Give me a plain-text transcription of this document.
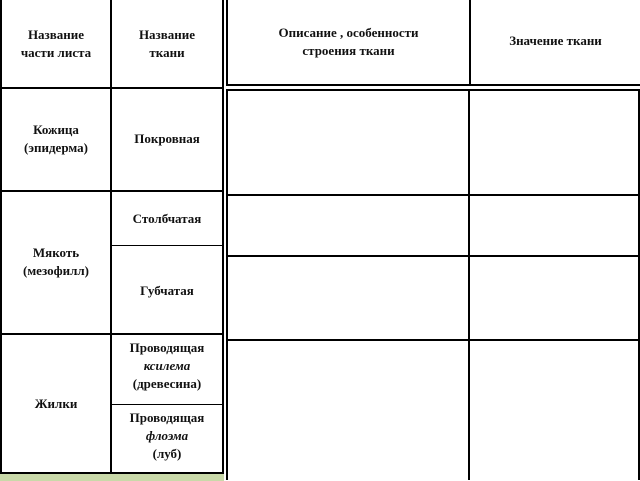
Название
части листа
Название
ткани
Описание , особенности
строения ткани
Значение ткани
Кожица
(эпидерма)
Покровная
Мякоть
(мезофилл)
Столбчатая
Губчатая
Жилки
Проводящая
ксилема
(древесина)
Проводящая
флоэма
(луб)
